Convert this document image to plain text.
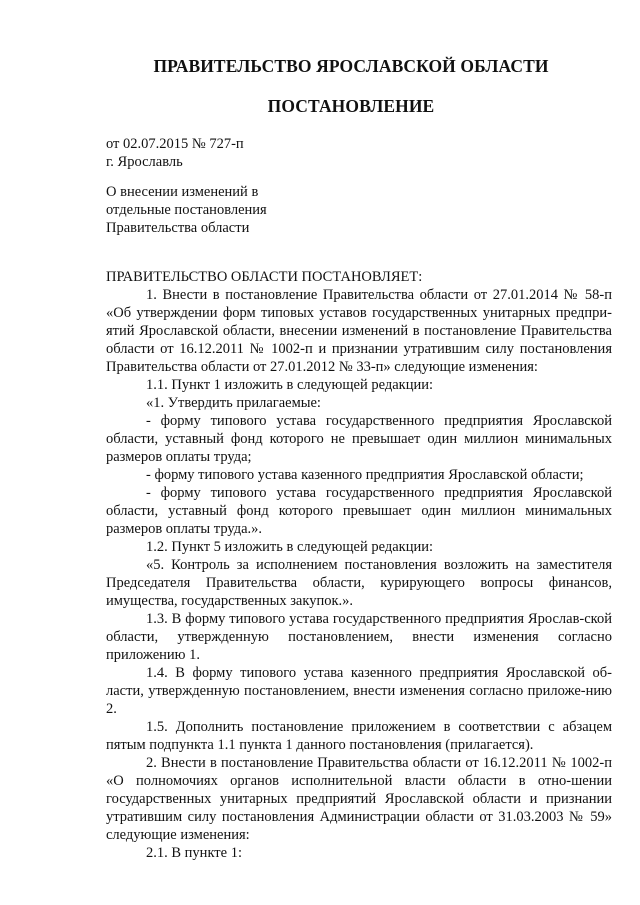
ПРАВИТЕЛЬСТВО ЯРОСЛАВСКОЙ ОБЛАСТИ
ПОСТАНОВЛЕНИЕ
от 02.07.2015 № 727-п
г. Ярославль
О внесении изменений в
отдельные постановления
Правительства области

ПРАВИТЕЛЬСТВО ОБЛАСТИ ПОСТАНОВЛЯЕТ:

1. Внести в постановление Правительства области от 27.01.2014 № 58-п «Об утверждении форм типовых уставов государственных унитарных предпри-ятий Ярославской области, внесении изменений в постановление Правительства области от 16.12.2011 № 1002-п и признании утратившим силу постановления Правительства области от 27.01.2012 № 33-п» следующие изменения:

1.1. Пункт 1 изложить в следующей редакции:

«1. Утвердить прилагаемые:

- форму типового устава государственного предприятия Ярославской области, уставный фонд которого не превышает один миллион минимальных размеров оплаты труда;

- форму типового устава казенного предприятия Ярославской области;

- форму типового устава государственного предприятия Ярославской области, уставный фонд которого превышает один миллион минимальных размеров оплаты труда.».

1.2. Пункт 5 изложить в следующей редакции:

«5. Контроль за исполнением постановления возложить на заместителя Председателя Правительства области, курирующего вопросы финансов, имущества, государственных закупок.».

1.3. В форму типового устава государственного предприятия Ярослав-ской области, утвержденную постановлением, внести изменения согласно приложению 1.

1.4. В форму типового устава казенного предприятия Ярославской об-ласти, утвержденную постановлением, внести изменения согласно приложе-нию 2.

1.5. Дополнить постановление приложением в соответствии с абзацем пятым подпункта 1.1 пункта 1 данного постановления (прилагается).

2. Внести в постановление Правительства области от 16.12.2011 № 1002-п «О полномочиях органов исполнительной власти области в отно-шении государственных унитарных предприятий Ярославской области и признании утратившим силу постановления Администрации области от 31.03.2003 № 59» следующие изменения:

2.1. В пункте 1:
